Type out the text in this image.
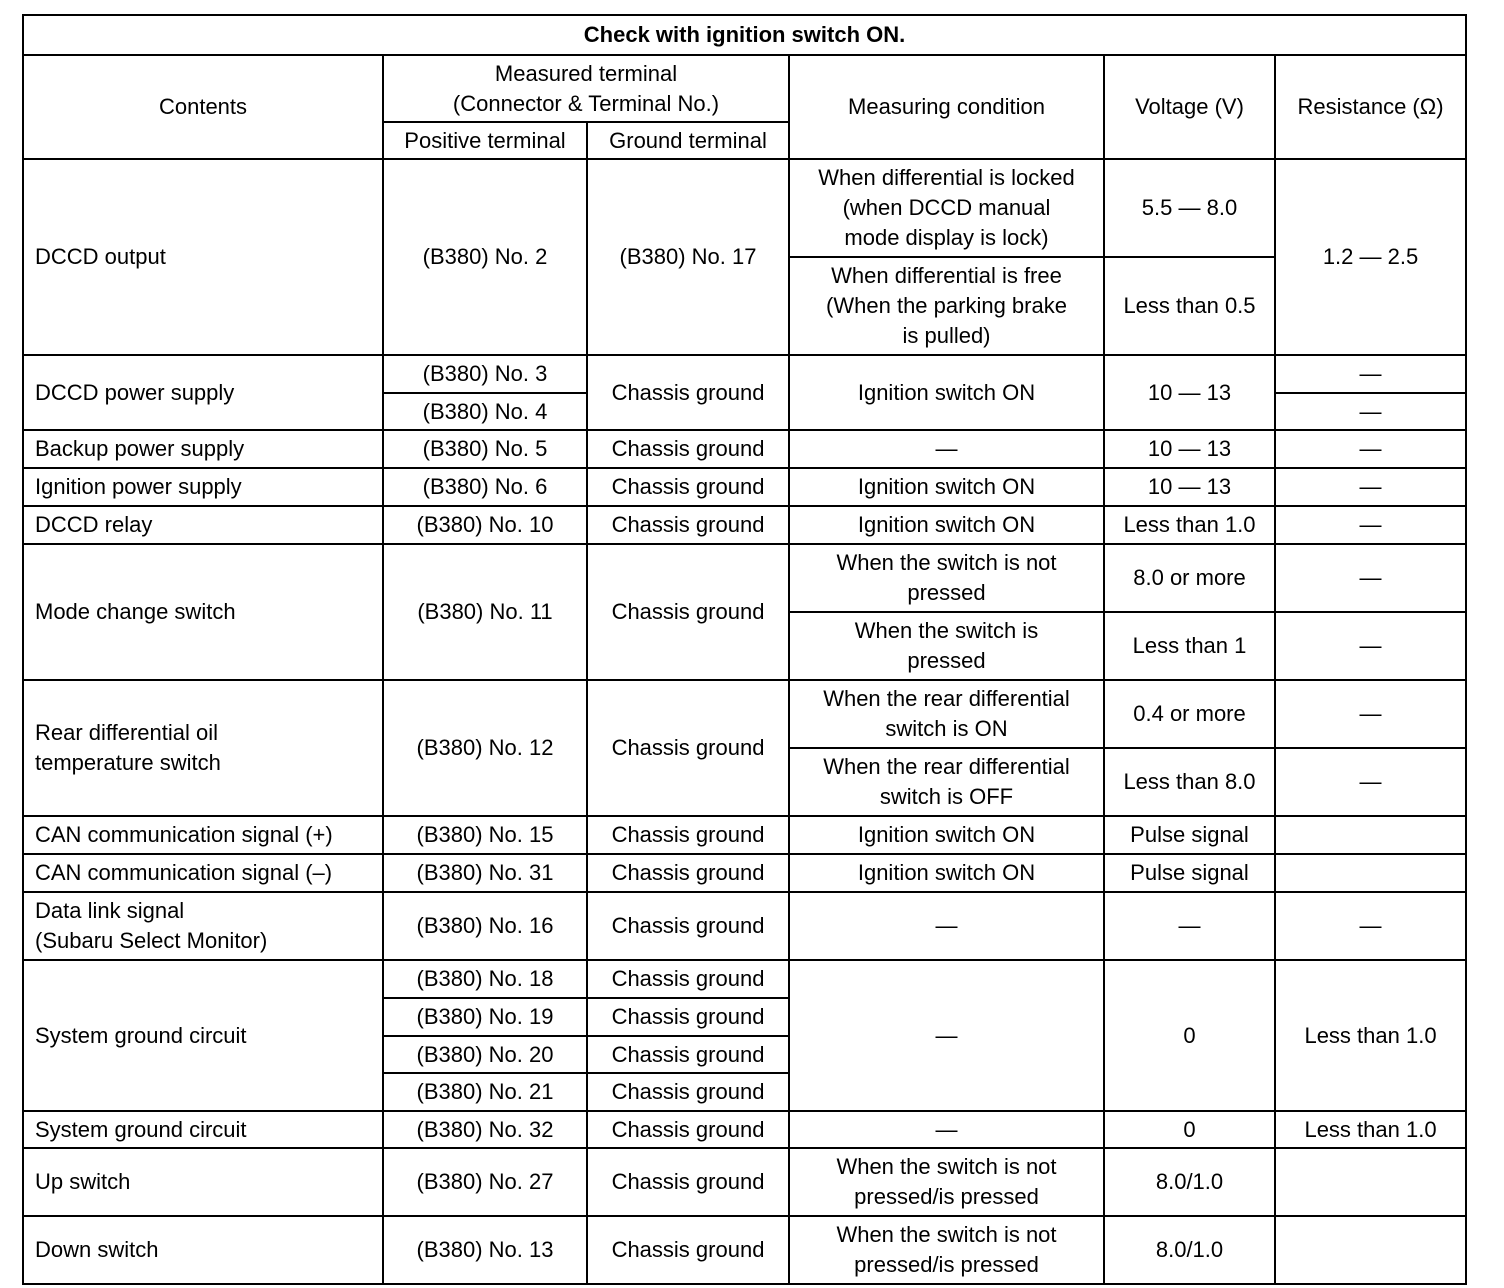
Check with ignition switch ON.					
Contents	Measured terminal
(Connector & Terminal No.)		Measuring condition	Voltage (V)	Resistance (Ω)
	Positive terminal	Ground terminal			
DCCD output	(B380) No. 2	(B380) No. 17	When differential is locked
(when DCCD manual
mode display is lock)	5.5 — 8.0	1.2 — 2.5
			When differential is free
(When the parking brake
is pulled)	Less than 0.5	
DCCD power supply	(B380) No. 3	Chassis ground	Ignition switch ON	10 — 13	—
	(B380) No. 4				—
Backup power supply	(B380) No. 5	Chassis ground	—	10 — 13	—
Ignition power supply	(B380) No. 6	Chassis ground	Ignition switch ON	10 — 13	—
DCCD relay	(B380) No. 10	Chassis ground	Ignition switch ON	Less than 1.0	—
Mode change switch	(B380) No. 11	Chassis ground	When the switch is not
pressed	8.0 or more	—
			When the switch is
pressed	Less than 1	—
Rear differential oil
temperature switch	(B380) No. 12	Chassis ground	When the rear differential
switch is ON	0.4 or more	—
			When the rear differential
switch is OFF	Less than 8.0	—
CAN communication signal (+)	(B380) No. 15	Chassis ground	Ignition switch ON	Pulse signal	
CAN communication signal (–)	(B380) No. 31	Chassis ground	Ignition switch ON	Pulse signal	
Data link signal
(Subaru Select Monitor)	(B380) No. 16	Chassis ground	—	—	—
System ground circuit	(B380) No. 18	Chassis ground	—	0	Less than 1.0
	(B380) No. 19	Chassis ground			
	(B380) No. 20	Chassis ground			
	(B380) No. 21	Chassis ground			
System ground circuit	(B380) No. 32	Chassis ground	—	0	Less than 1.0
Up switch	(B380) No. 27	Chassis ground	When the switch is not
pressed/is pressed	8.0/1.0	
Down switch	(B380) No. 13	Chassis ground	When the switch is not
pressed/is pressed	8.0/1.0	
